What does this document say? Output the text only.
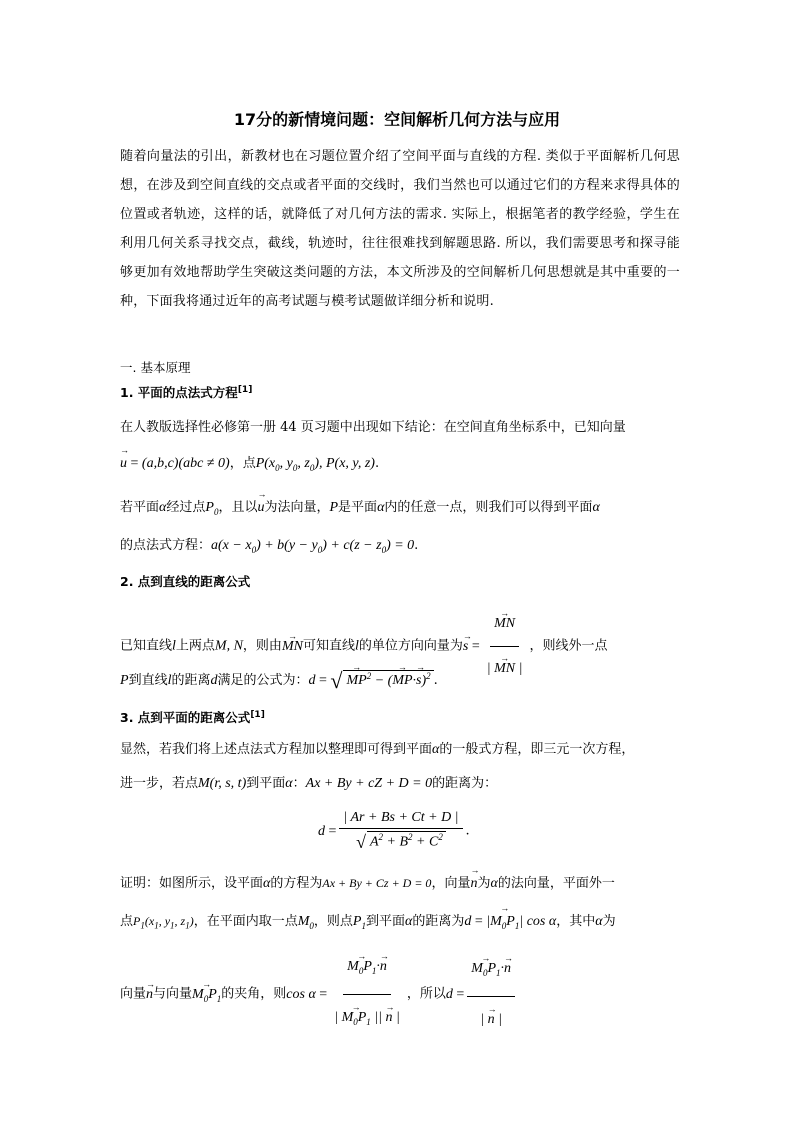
17分的新情境问题：空间解析几何方法与应用
随着向量法的引出，新教材也在习题位置介绍了空间平面与直线的方程. 类似于平面解析几何思想，在涉及到空间直线的交点或者平面的交线时，我们当然也可以通过它们的方程来求得具体的位置或者轨迹，这样的话，就降低了对几何方法的需求. 实际上，根据笔者的教学经验，学生在利用几何关系寻找交点，截线，轨迹时，往往很难找到解题思路. 所以，我们需要思考和探寻能够更加有效地帮助学生突破这类问题的方法，本文所涉及的空间解析几何思想就是其中重要的一种，下面我将通过近年的高考试题与模考试题做详细分析和说明.
一. 基本原理
1. 平面的点法式方程[1]
在人教版选择性必修第一册 44 页习题中出现如下结论：在空间直角坐标系中，已知向量
→ u = (a,b,c)(abc ≠ 0)，点$P(x_0$, $y_0$, $z_0$), P(x, y, z).
若平面α经过点$P_0$，且以→ u为法向量，P是平面α内的任意一点，则我们可以得到平面α
的点法式方程：$a(x - x_0) + b(y - y_0) + c(z - z_0) = 0$.
2. 点到直线的距离公式
已知直线l上两点M, N，则由→ MN可知直线l的单位方向向量为→ s = → $\frac{MN}{| \to MN |}$ ，则线外一点
P到直线l的距离d满足的公式为：d = √ → $MP^2$ − (→ MP·→ s)$^2$ .
3. 点到平面的距离公式[1]
显然，若我们将上述点法式方程加以整理即可得到平面α的一般式方程，即三元一次方程，
进一步，若点M(r, s, t)到平面α：Ax + By + cZ + D = 0的距离为：
$d = \frac{| Ar + Bs + Ct + D |}{√ A^2 + B^2 + C^2}$ .
证明：如图所示，设平面α的方程为Ax + By + Cz + D = 0，向量→ n为α的法向量，平面外一
点$P_1(x_1$, $y_1$, $z_1$)，在平面内取一点$M_0$，则点$P_1$到平面α的距离为d = |→ $M_0P_1|$ cos α，其中α为
向量→ n与向量→ $M_0P_1$的夹角，则cos α = → $\frac{M_0P_1\cdot\to n}{| \to M_0P_1 || \to n |}$ ，所以d = → $\frac{M_0P_1\cdot\to n}{| \to n |}$
